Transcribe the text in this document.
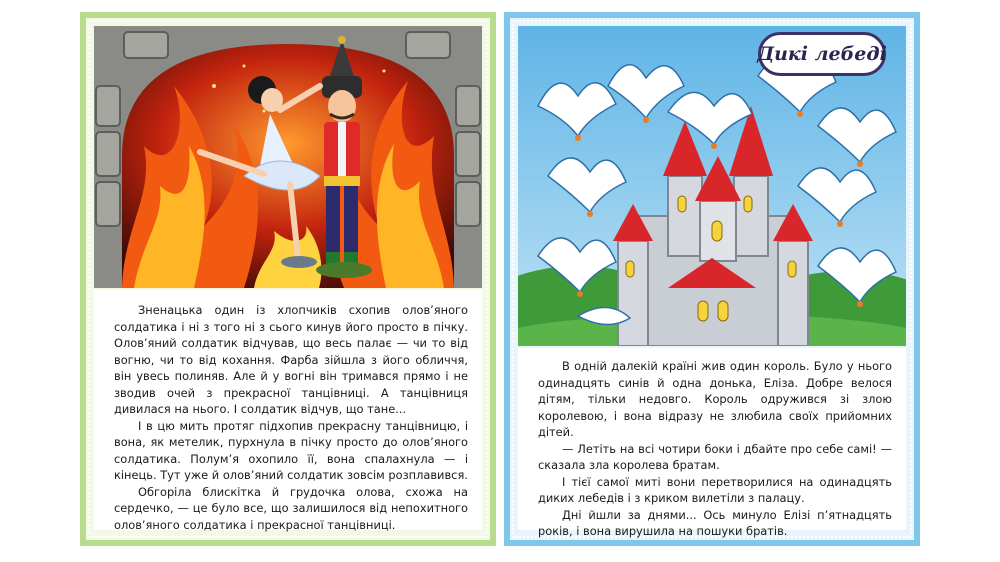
Зненацька один із хлопчиків схопив олов’яного солдатика і ні з того ні з сього кинув його просто в пічку. Олов’яний солдатик відчував, що весь палає — чи то від вогню, чи то від кохання. Фарба зійшла з його обличчя, він увесь полиняв. Але й у вогні він тримався прямо і не зводив очей з прекрасної танцівниці. А танцівниця дивилася на нього. І солдатик відчув, що тане...

І в цю мить протяг підхопив прекрасну танцівницю, і вона, як метелик, пурхнула в пічку просто до олов’яного солдатика. Полум’я охопило її, вона спалахнула — і кінець. Тут уже й олов’яний солдатик зовсім розплавився.

Обгоріла блискітка й грудочка олова, схожа на сердечко, — це було все, що залишилося від непохитного олов’яного солдатика і прекрасної танцівниці.

Дикі лебеді

В одній далекій країні жив один король. Було у нього одинадцять синів й одна донька, Еліза. Добре велося дітям, тільки недовго. Король одружився зі злою королевою, і вона відразу не злюбила своїх прийомних дітей.

— Летіть на всі чотири боки і дбайте про себе самі! — сказала зла королева братам.

І тієї самої миті вони перетворилися на одинадцять диких лебедів і з криком вилетіли з палацу.

Дні йшли за днями... Ось минуло Елізі п’ятнадцять років, і вона вирушила на пошуки братів.
